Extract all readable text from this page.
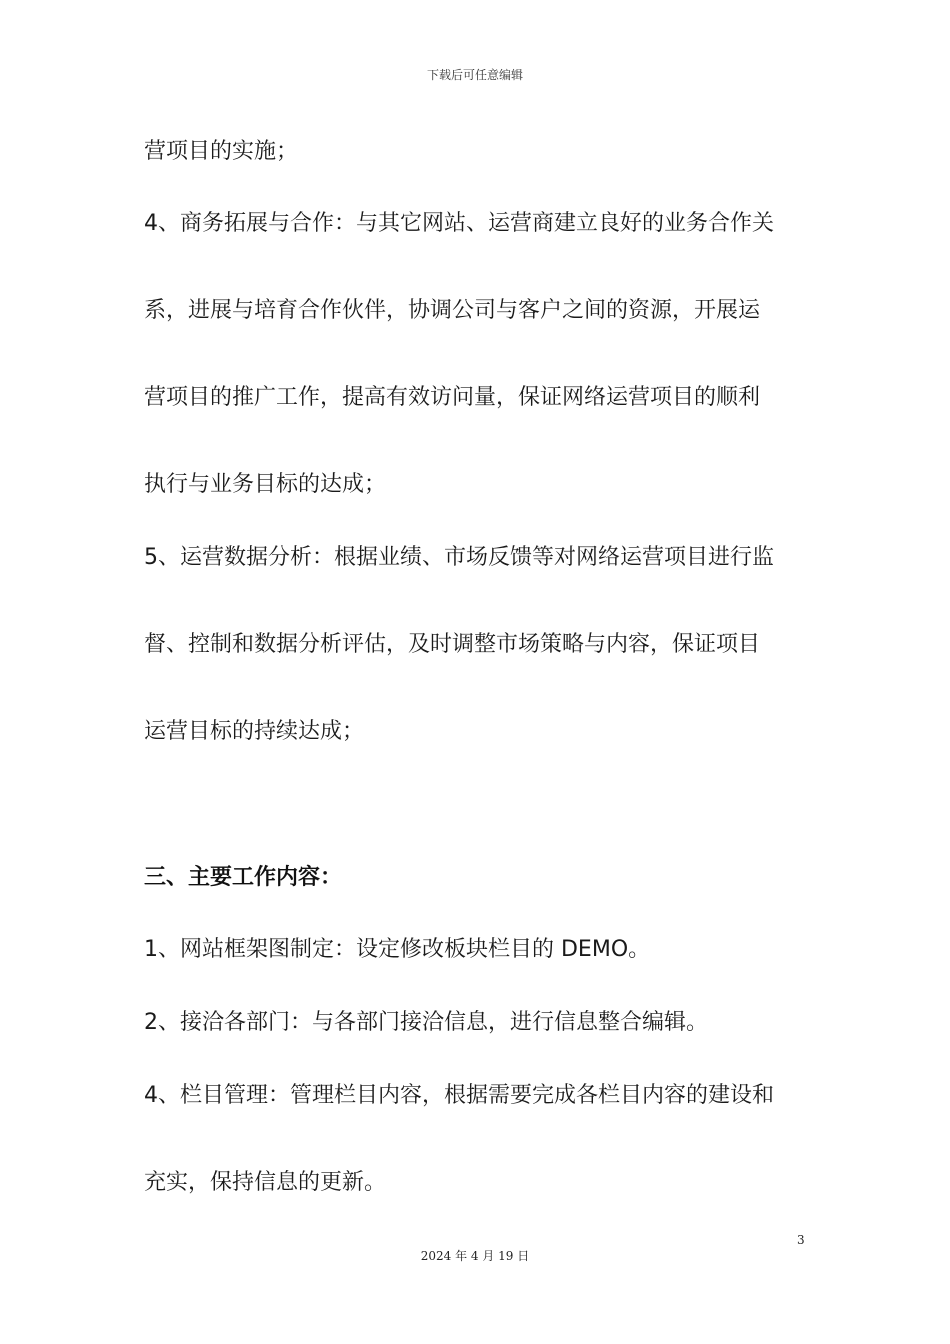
下载后可任意编辑
营项目的实施；
4、商务拓展与合作：与其它网站、运营商建立良好的业务合作关
系，进展与培育合作伙伴，协调公司与客户之间的资源，开展运
营项目的推广工作，提高有效访问量，保证网络运营项目的顺利
执行与业务目标的达成；
5、运营数据分析：根据业绩、市场反馈等对网络运营项目进行监
督、控制和数据分析评估，及时调整市场策略与内容，保证项目
运营目标的持续达成；
三、主要工作内容：
1、网站框架图制定：设定修改板块栏目的 DEMO。
2、接洽各部门：与各部门接洽信息，进行信息整合编辑。
4、栏目管理：管理栏目内容，根据需要完成各栏目内容的建设和
充实，保持信息的更新。
3
2024 年 4 月 19 日
